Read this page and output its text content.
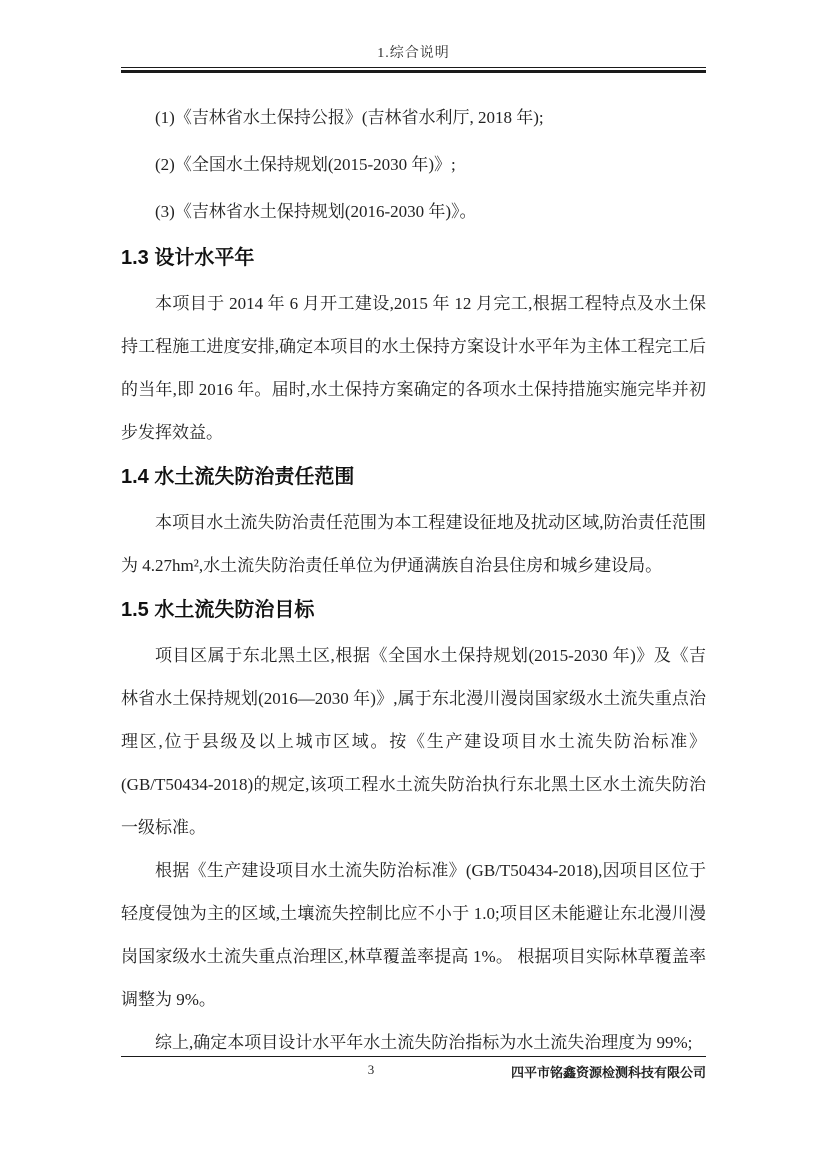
1.综合说明

(1)《吉林省水土保持公报》(吉林省水利厅, 2018 年);

(2)《全国水土保持规划(2015-2030 年)》;

(3)《吉林省水土保持规划(2016-2030 年)》。

1.3 设计水平年

本项目于 2014 年 6 月开工建设,2015 年 12 月完工,根据工程特点及水土保持工程施工进度安排,确定本项目的水土保持方案设计水平年为主体工程完工后的当年,即 2016 年。届时,水土保持方案确定的各项水土保持措施实施完毕并初步发挥效益。

1.4 水土流失防治责任范围

本项目水土流失防治责任范围为本工程建设征地及扰动区域,防治责任范围为 4.27hm²,水土流失防治责任单位为伊通满族自治县住房和城乡建设局。

1.5 水土流失防治目标

项目区属于东北黑土区,根据《全国水土保持规划(2015-2030 年)》及《吉林省水土保持规划(2016—2030 年)》,属于东北漫川漫岗国家级水土流失重点治理区,位于县级及以上城市区域。按《生产建设项目水土流失防治标准》(GB/T50434-2018)的规定,该项工程水土流失防治执行东北黑土区水土流失防治一级标准。

根据《生产建设项目水土流失防治标准》(GB/T50434-2018),因项目区位于轻度侵蚀为主的区域,土壤流失控制比应不小于 1.0;项目区未能避让东北漫川漫岗国家级水土流失重点治理区,林草覆盖率提高 1%。 根据项目实际林草覆盖率调整为 9%。

综上,确定本项目设计水平年水土流失防治指标为水土流失治理度为 99%;

3	四平市铭鑫资源检测科技有限公司
